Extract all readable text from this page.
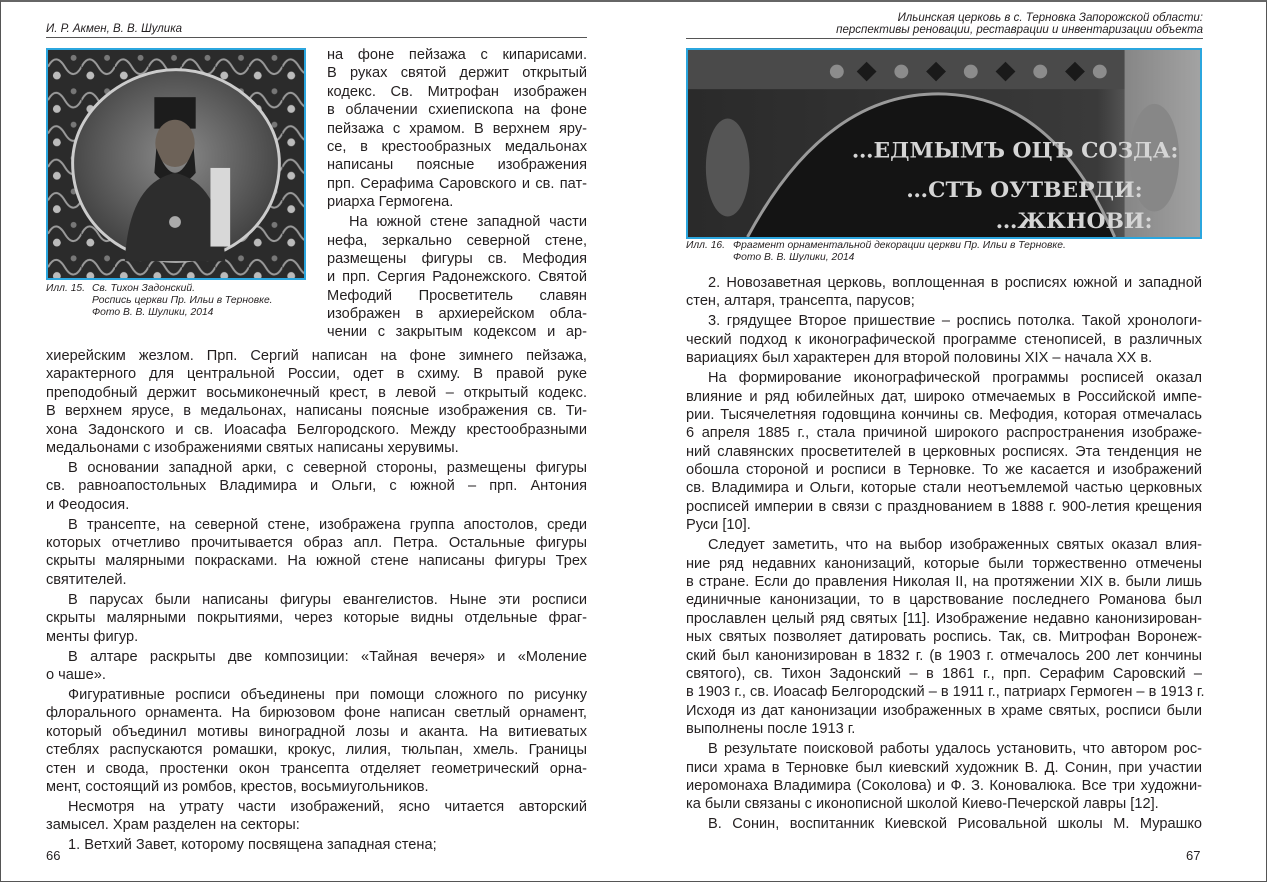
И. Р. Акмен, В. В. Шулика
Илл. 15. Св. Тихон Задонский.
Роспись церкви Пр. Ильи в Терновке.
Фото В. В. Шулики, 2014
на фоне пейзажа с кипарисами.
В руках святой держит открытый
кодекс. Св. Митрофан изображен
в облачении схиепископа на фоне
пейзажа с храмом. В верхнем яру-
се, в крестообразных медальонах
написаны поясные изображения
прп. Серафима Саровского и св. пат-
риарха Гермогена.
На южной стене западной части
нефа, зеркально северной стене,
размещены фигуры св. Мефодия
и прп. Сергия Радонежского. Святой
Мефодий Просветитель славян
изображен в архиерейском обла-
чении с закрытым кодексом и ар-
хиерейским жезлом. Прп. Сергий написан на фоне зимнего пейзажа,
характерного для центральной России, одет в схиму. В правой руке
преподобный держит восьмиконечный крест, в левой – открытый кодекс.
В верхнем ярусе, в медальонах, написаны поясные изображения св. Ти-
хона Задонского и св. Иоасафа Белгородского. Между крестообразными
медальонами с изображениями святых написаны херувимы.
В основании западной арки, с северной стороны, размещены фигуры
св. равноапостольных Владимира и Ольги, с южной – прп. Антония
и Феодосия.
В трансепте, на северной стене, изображена группа апостолов, среди
которых отчетливо прочитывается образ апл. Петра. Остальные фигуры
скрыты малярными покрасками. На южной стене написаны фигуры Трех
святителей.
В парусах были написаны фигуры евангелистов. Ныне эти росписи
скрыты малярными покрытиями, через которые видны отдельные фраг-
менты фигур.
В алтаре раскрыты две композиции: «Тайная вечеря» и «Моление
о чаше».
Фигуративные росписи объединены при помощи сложного по рисунку
флорального орнамента. На бирюзовом фоне написан светлый орнамент,
который объединил мотивы виноградной лозы и аканта. На витиеватых
стеблях распускаются ромашки, крокус, лилия, тюльпан, хмель. Границы
стен и свода, простенки окон трансепта отделяет геометрический орна-
мент, состоящий из ромбов, крестов, восьмиугольников.
Несмотря на утрату части изображений, ясно читается авторский
замысел. Храм разделен на секторы:
1. Ветхий Завет, которому посвящена западная стена;
66
Ильинская церковь в с. Терновка Запорожской области:
перспективы реновации, реставрации и инвентаризации объекта
…ЕДМЫМЪ ОЦЪ СОЗДА:
…СТЪ ОУТВЕРДИ:
…ЖКНОВИ:
Илл. 16. Фрагмент орнаментальной декорации церкви Пр. Ильи в Терновке.
Фото В. В. Шулики, 2014
2. Новозаветная церковь, воплощенная в росписях южной и западной
стен, алтаря, трансепта, парусов;
3. грядущее Второе пришествие – роспись потолка. Такой хронологи-
ческий подход к иконографической программе стенописей, в различных
вариациях был характерен для второй половины XIX – начала XX в.
На формирование иконографической программы росписей оказал
влияние и ряд юбилейных дат, широко отмечаемых в Российской импе-
рии. Тысячелетняя годовщина кончины св. Мефодия, которая отмечалась
6 апреля 1885 г., стала причиной широкого распространения изображе-
ний славянских просветителей в церковных росписях. Эта тенденция не
обошла стороной и росписи в Терновке. То же касается и изображений
св. Владимира и Ольги, которые стали неотъемлемой частью церковных
росписей империи в связи с празднованием в 1888 г. 900-летия крещения
Руси [10].
Следует заметить, что на выбор изображенных святых оказал влия-
ние ряд недавних канонизаций, которые были торжественно отмечены
в стране. Если до правления Николая II, на протяжении XIX в. были лишь
единичные канонизации, то в царствование последнего Романова был
прославлен целый ряд святых [11]. Изображение недавно канонизирован-
ных святых позволяет датировать роспись. Так, св. Митрофан Воронеж-
ский был канонизирован в 1832 г. (в 1903 г. отмечалось 200 лет кончины
святого), св. Тихон Задонский – в 1861 г., прп. Серафим Саровский –
в 1903 г., св. Иоасаф Белгородский – в 1911 г., патриарх Гермоген – в 1913 г.
Исходя из дат канонизации изображенных в храме святых, росписи были
выполнены после 1913 г.
В результате поисковой работы удалось установить, что автором рос-
писи храма в Терновке был киевский художник В. Д. Сонин, при участии
иеромонаха Владимира (Соколова) и Ф. З. Коновалюка. Все три художни-
ка были связаны с иконописной школой Киево-Печерской лавры [12].
В. Сонин, воспитанник Киевской Рисовальной школы М. Мурашко
67
